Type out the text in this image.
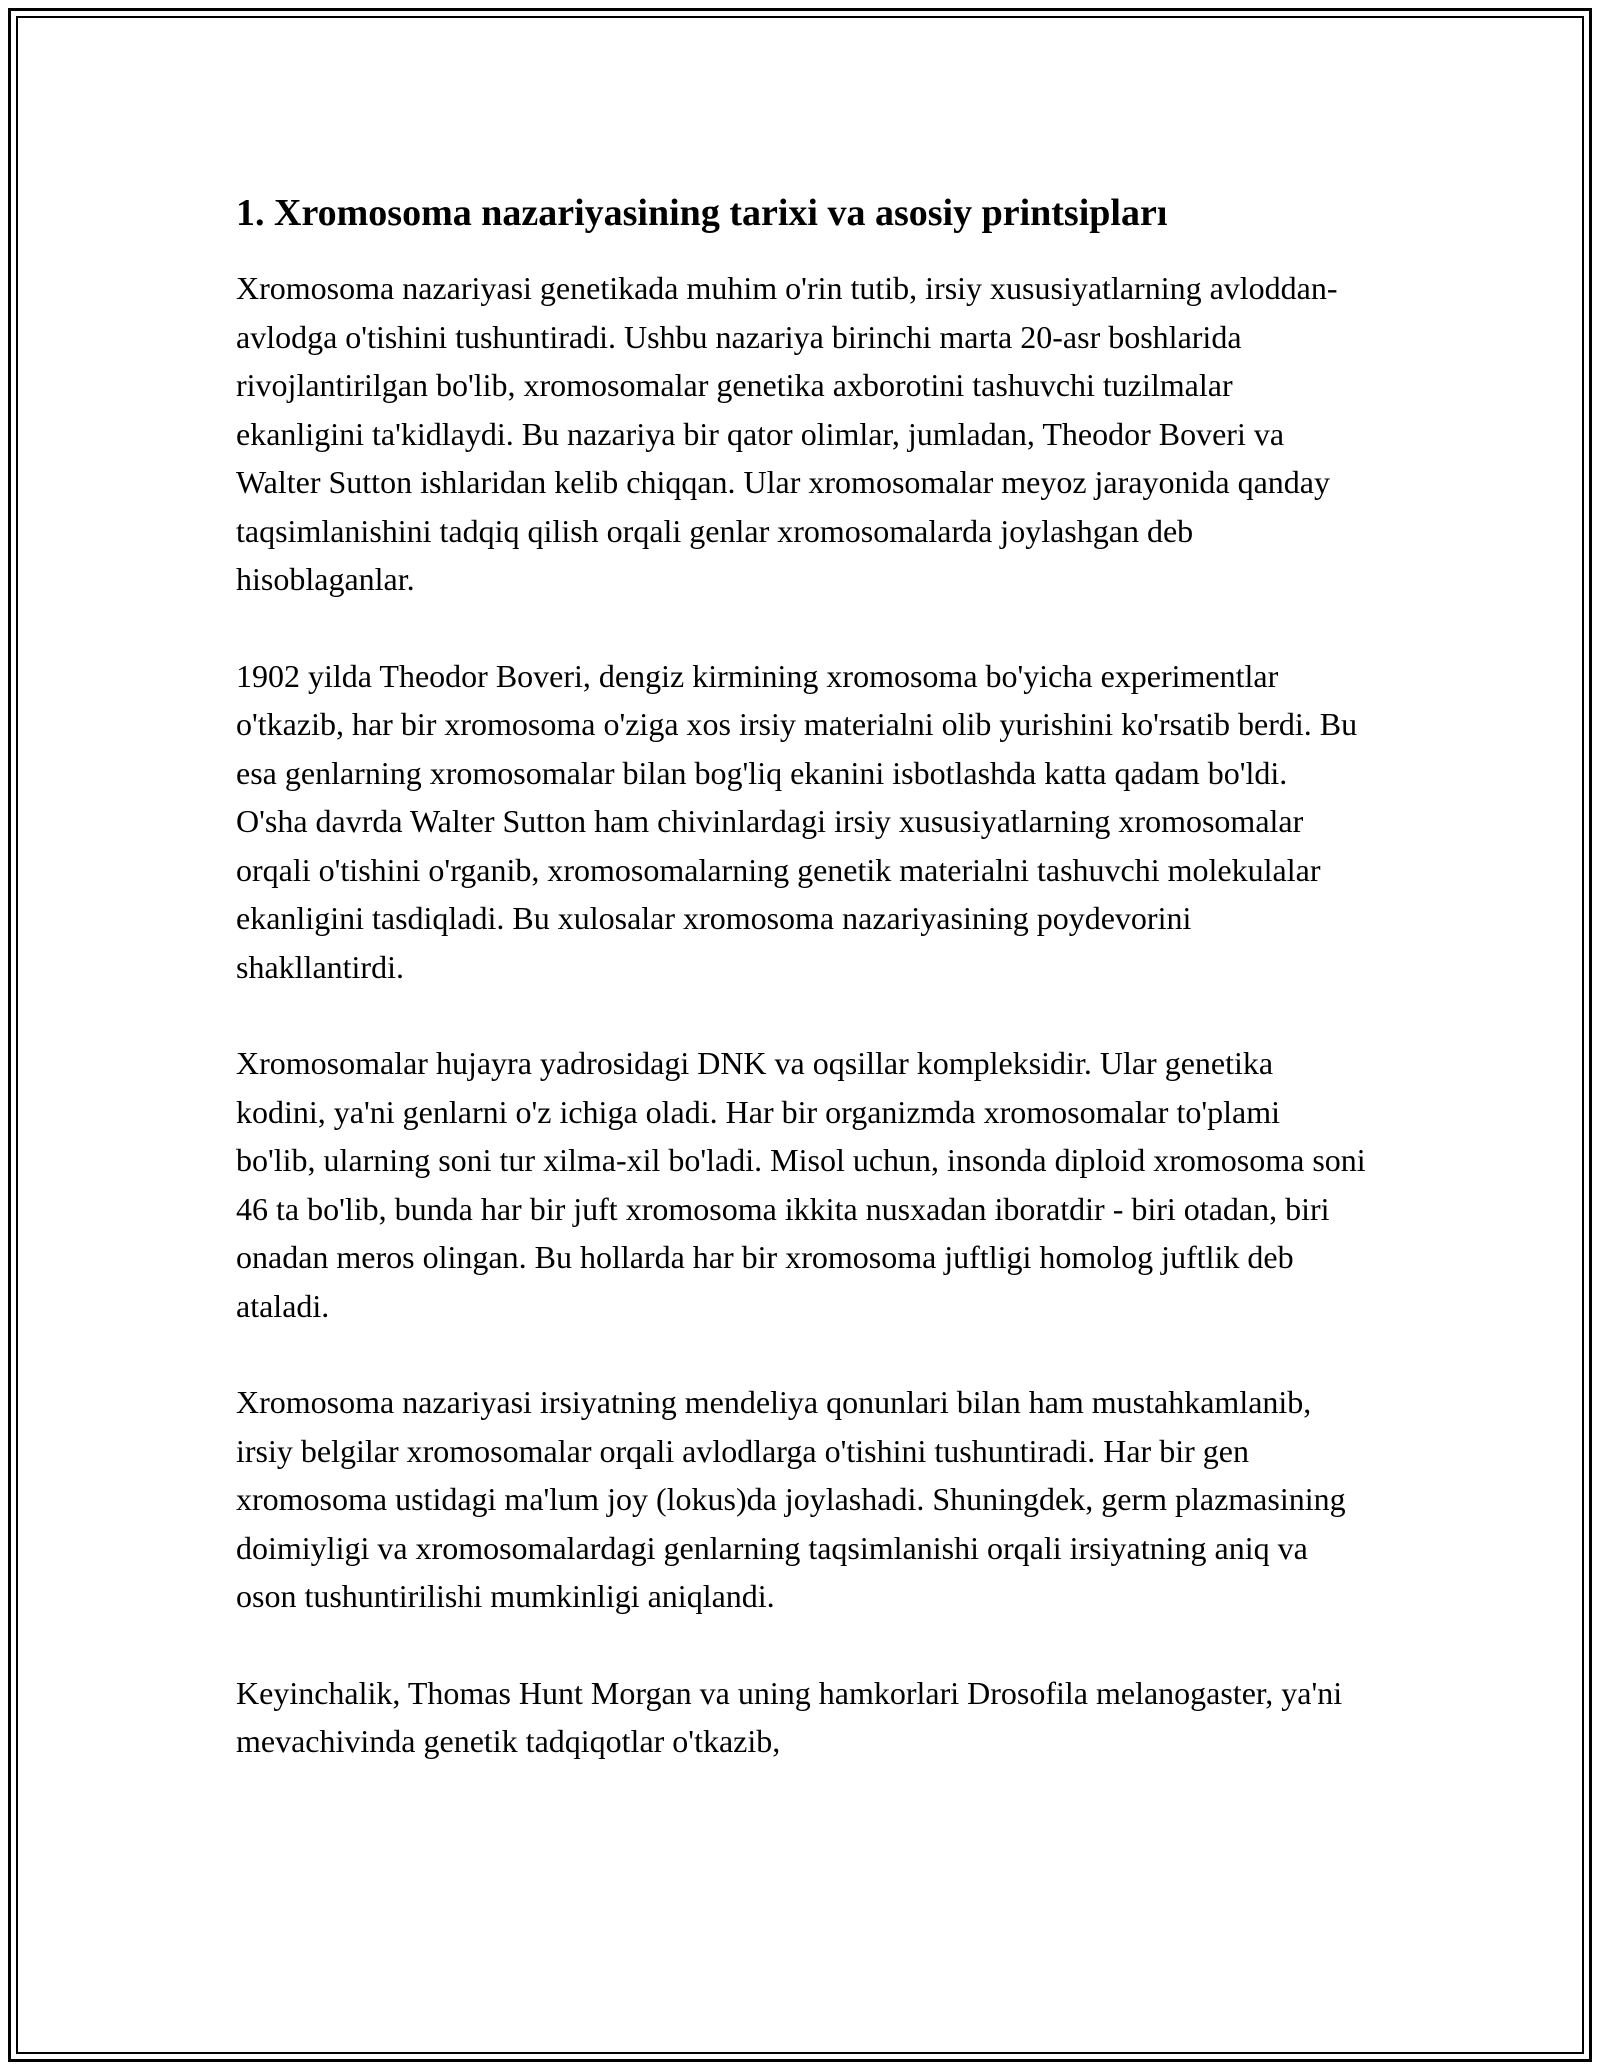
1. Xromosoma nazariyasining tarixi va asosiy printsipları

Xromosoma nazariyasi genetikada muhim o'rin tutib, irsiy xususiyatlarning avloddan-avlodga o'tishini tushuntiradi. Ushbu nazariya birinchi marta 20-asr boshlarida rivojlantirilgan bo'lib, xromosomalar genetika axborotini tashuvchi tuzilmalar ekanligini ta'kidlaydi. Bu nazariya bir qator olimlar, jumladan, Theodor Boveri va Walter Sutton ishlaridan kelib chiqqan. Ular xromosomalar meyoz jarayonida qanday taqsimlanishini tadqiq qilish orqali genlar xromosomalarda joylashgan deb hisoblaganlar.

1902 yilda Theodor Boveri, dengiz kirmining xromosoma bo'yicha experimentlar o'tkazib, har bir xromosoma o'ziga xos irsiy materialni olib yurishini ko'rsatib berdi. Bu esa genlarning xromosomalar bilan bog'liq ekanini isbotlashda katta qadam bo'ldi. O'sha davrda Walter Sutton ham chivinlardagi irsiy xususiyatlarning xromosomalar orqali o'tishini o'rganib, xromosomalarning genetik materialni tashuvchi molekulalar ekanligini tasdiqladi. Bu xulosalar xromosoma nazariyasining poydevorini shakllantirdi.

Xromosomalar hujayra yadrosidagi DNK va oqsillar kompleksidir. Ular genetika kodini, ya'ni genlarni o'z ichiga oladi. Har bir organizmda xromosomalar to'plami bo'lib, ularning soni tur xilma-xil bo'ladi. Misol uchun, insonda diploid xromosoma soni 46 ta bo'lib, bunda har bir juft xromosoma ikkita nusxadan iboratdir - biri otadan, biri onadan meros olingan. Bu hollarda har bir xromosoma juftligi homolog juftlik deb ataladi.

Xromosoma nazariyasi irsiyatning mendeliya qonunlari bilan ham mustahkamlanib, irsiy belgilar xromosomalar orqali avlodlarga o'tishini tushuntiradi. Har bir gen xromosoma ustidagi ma'lum joy (lokus)da joylashadi. Shuningdek, germ plazmasining doimiyligi va xromosomalardagi genlarning taqsimlanishi orqali irsiyatning aniq va oson tushuntirilishi mumkinligi aniqlandi.

Keyinchalik, Thomas Hunt Morgan va uning hamkorlari Drosofila melanogaster, ya'ni mevachivinda genetik tadqiqotlar o'tkazib,
